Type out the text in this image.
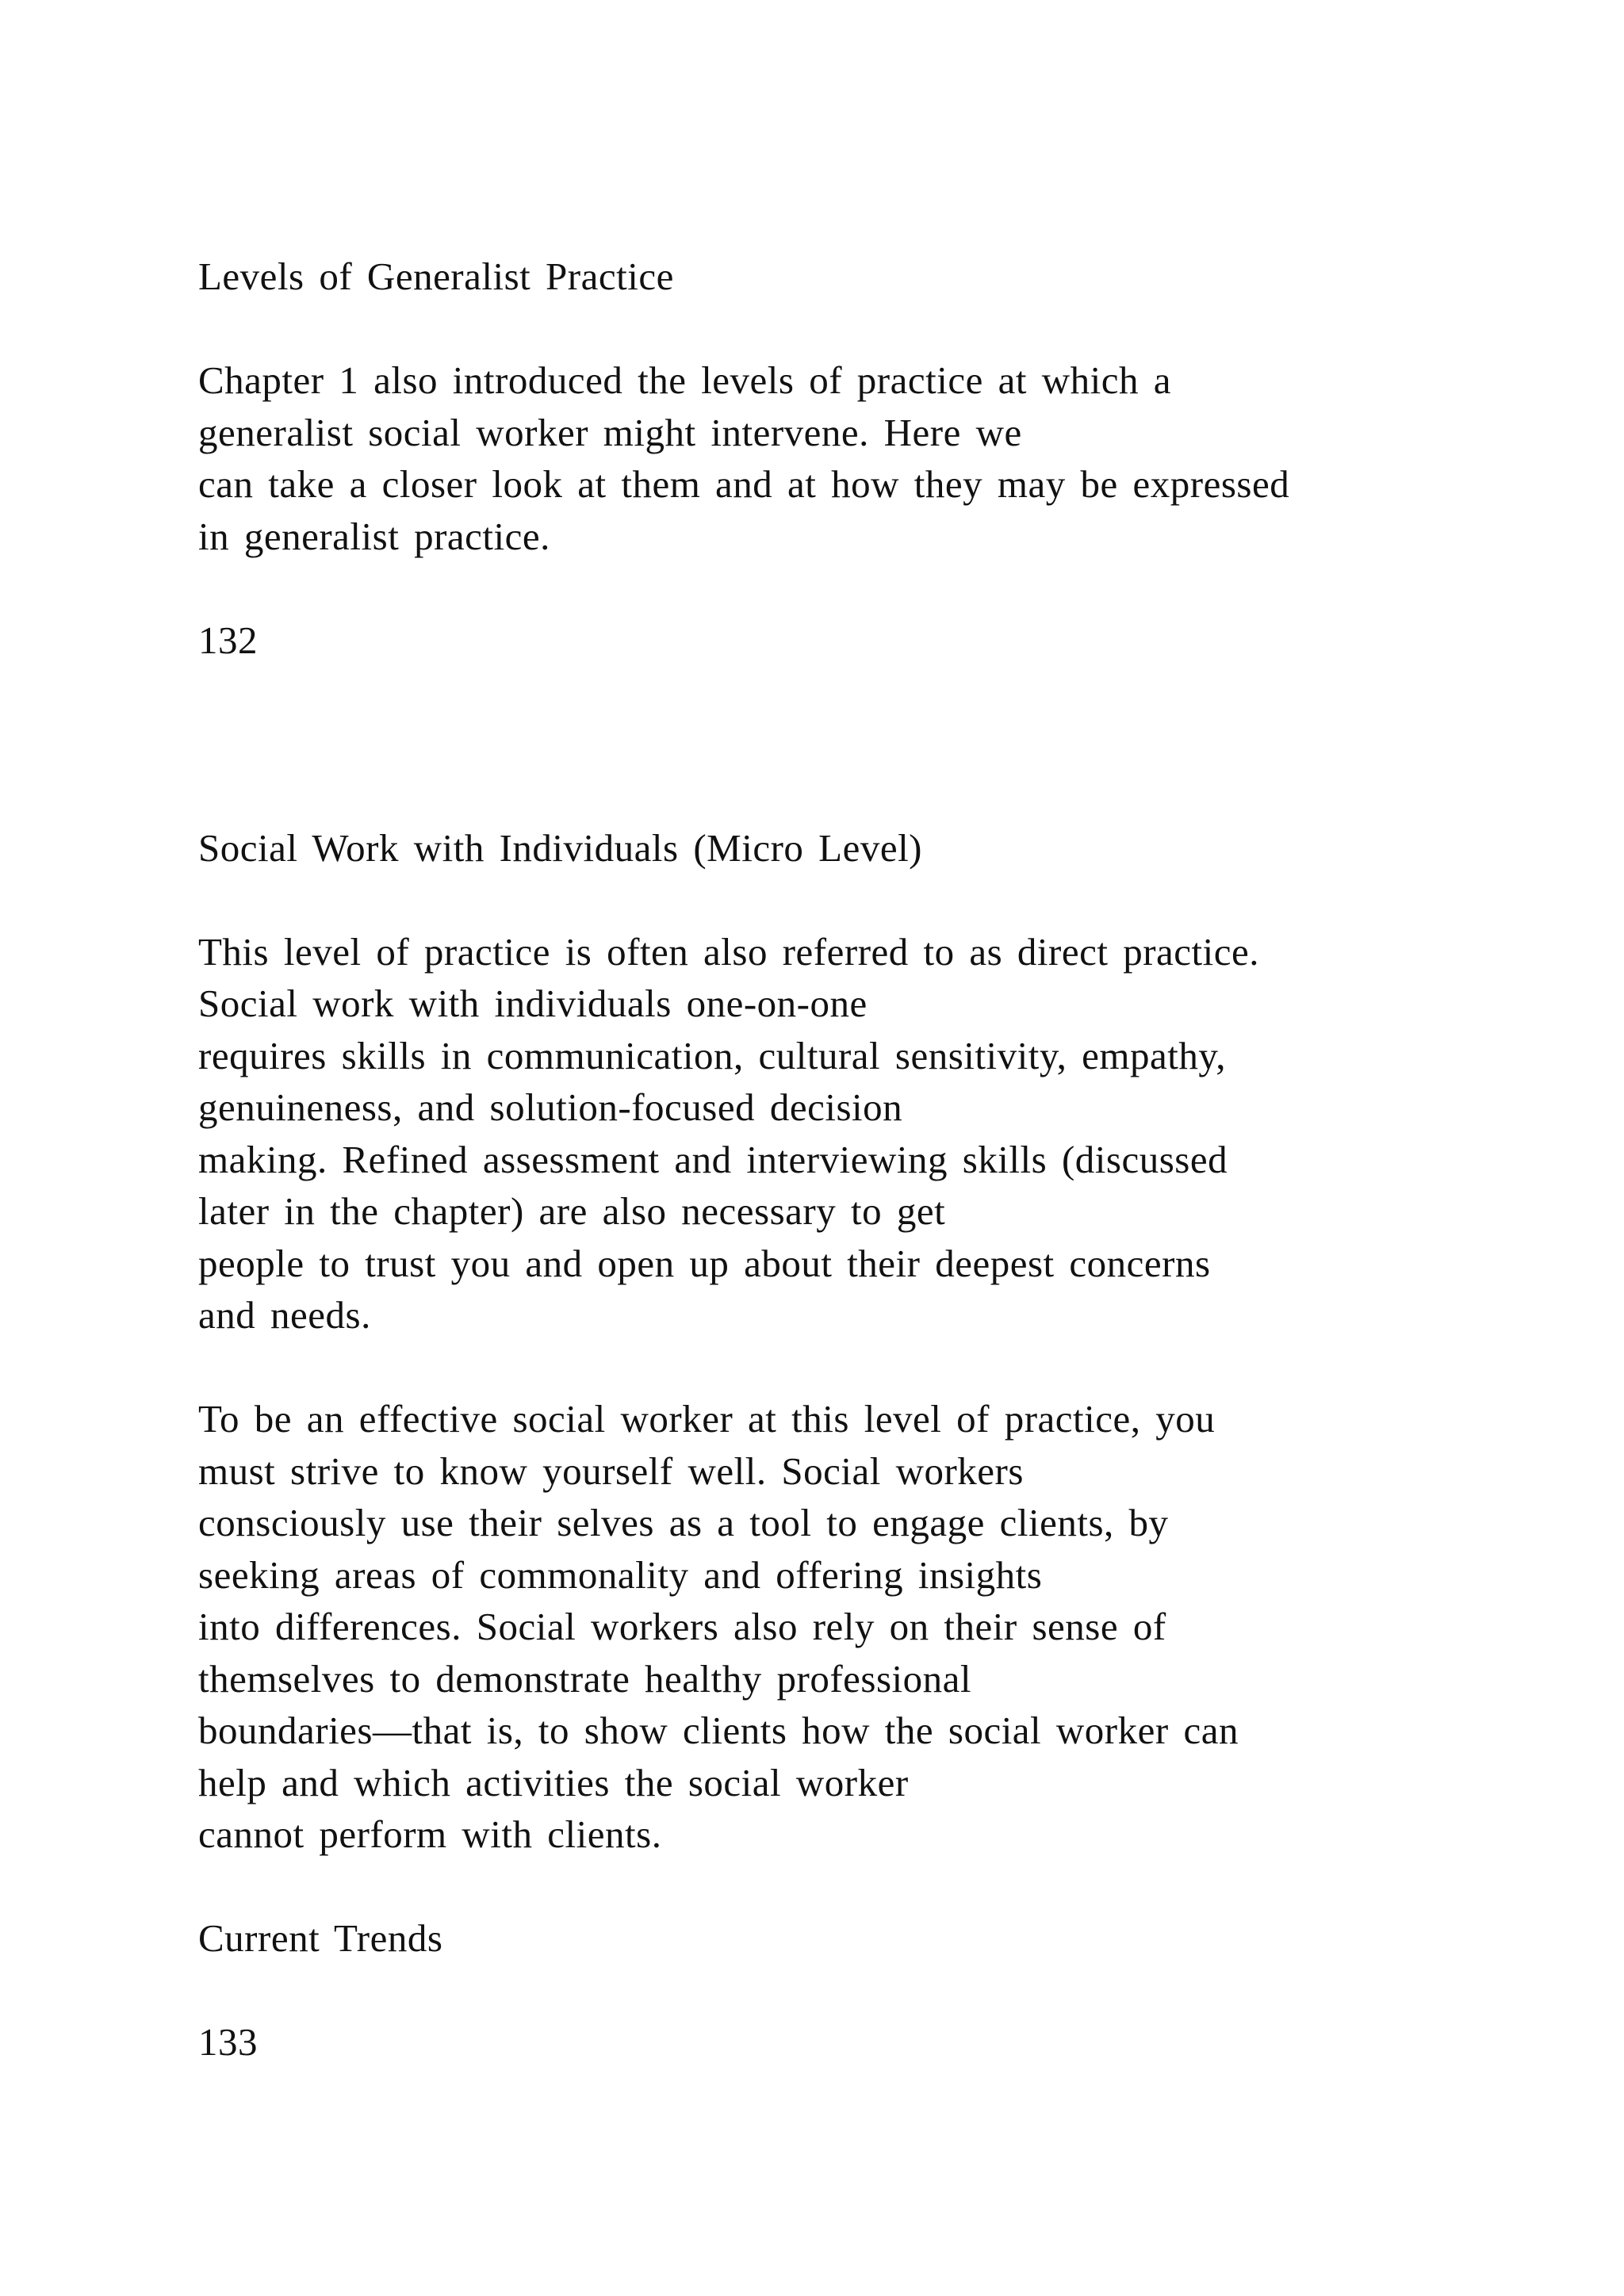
Levels of Generalist Practice
Chapter 1 also introduced the levels of practice at which a
generalist social worker might intervene. Here we
can take a closer look at them and at how they may be expressed
in generalist practice.
132
Social Work with Individuals (Micro Level)
This level of practice is often also referred to as direct practice.
Social work with individuals one-on-one
requires skills in communication, cultural sensitivity, empathy,
genuineness, and solution-focused decision
making. Refined assessment and interviewing skills (discussed
later in the chapter) are also necessary to get
people to trust you and open up about their deepest concerns
and needs.
To be an effective social worker at this level of practice, you
must strive to know yourself well. Social workers
consciously use their selves as a tool to engage clients, by
seeking areas of commonality and offering insights
into differences. Social workers also rely on their sense of
themselves to demonstrate healthy professional
boundaries—that is, to show clients how the social worker can
help and which activities the social worker
cannot perform with clients.
Current Trends
133
